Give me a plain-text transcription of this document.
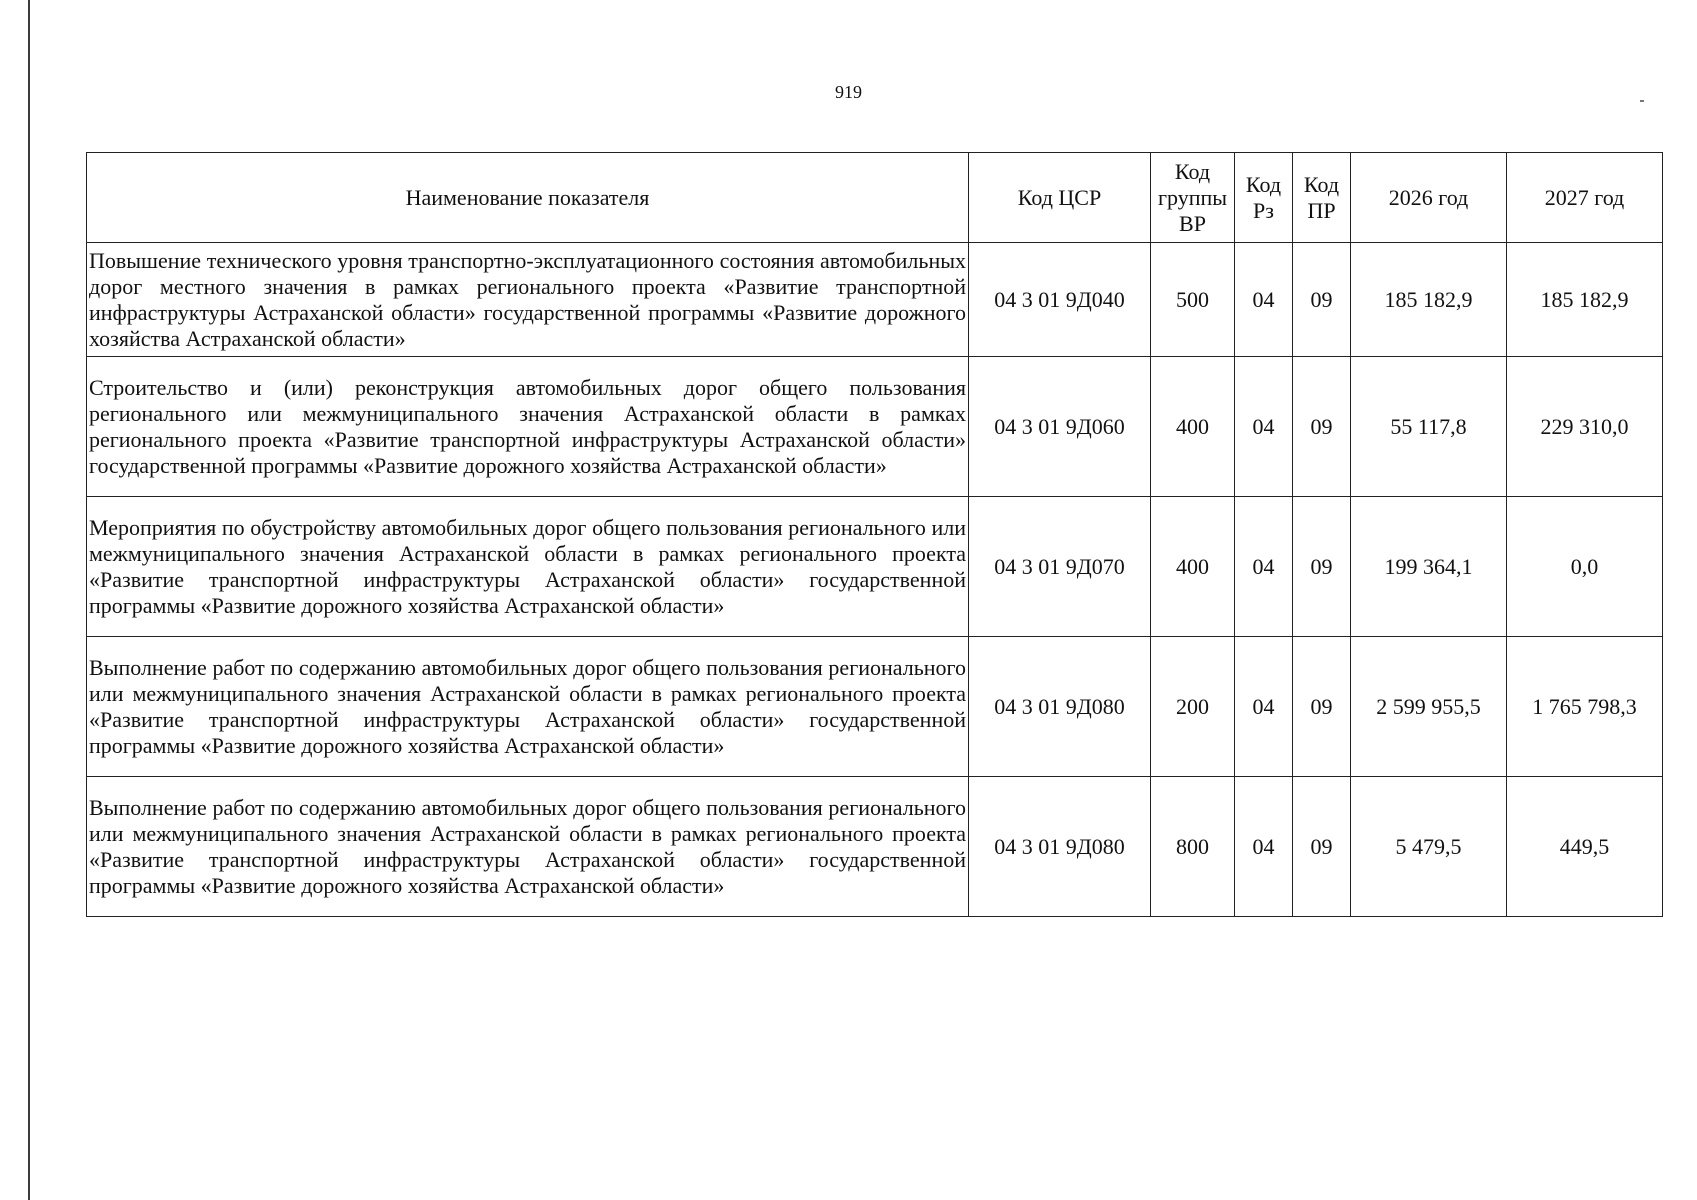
919
Наименование показателя	Код ЦСР	Код группы ВР	Код Рз	Код ПР	2026 год	2027 год
Повышение технического уровня транспортно-эксплуатационного состояния автомобильных дорог местного значения в рамках регионального проекта «Развитие транспортной инфраструктуры Астраханской области» государственной программы «Развитие дорожного хозяйства Астраханской области»	04 3 01 9Д040	500	04	09	185 182,9	185 182,9
Строительство и (или) реконструкция автомобильных дорог общего пользования регионального или межмуниципального значения Астраханской области в рамках регионального проекта «Развитие транспортной инфраструктуры Астраханской области» государственной программы «Развитие дорожного хозяйства Астраханской области»	04 3 01 9Д060	400	04	09	55 117,8	229 310,0
Мероприятия по обустройству автомобильных дорог общего пользования регионального или межмуниципального значения Астраханской области в рамках регионального проекта «Развитие транспортной инфраструктуры Астраханской области» государственной программы «Развитие дорожного хозяйства Астраханской области»	04 3 01 9Д070	400	04	09	199 364,1	0,0
Выполнение работ по содержанию автомобильных дорог общего пользования регионального или межмуниципального значения Астраханской области в рамках регионального проекта «Развитие транспортной инфраструктуры Астраханской области» государственной программы «Развитие дорожного хозяйства Астраханской области»	04 3 01 9Д080	200	04	09	2 599 955,5	1 765 798,3
Выполнение работ по содержанию автомобильных дорог общего пользования регионального или межмуниципального значения Астраханской области в рамках регионального проекта «Развитие транспортной инфраструктуры Астраханской области» государственной программы «Развитие дорожного хозяйства Астраханской области»	04 3 01 9Д080	800	04	09	5 479,5	449,5
